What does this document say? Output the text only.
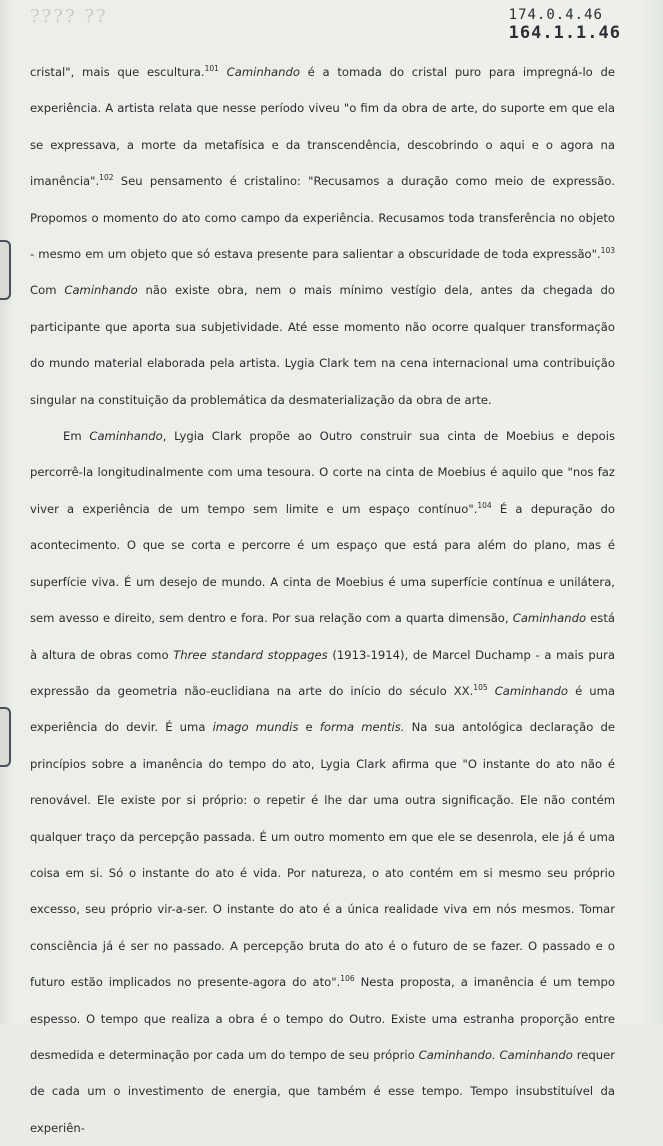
???? ??	174.0.4.46
164.1.1.46

cristal", mais que escultura.$^{101}$ Caminhando é a tomada do cristal puro para impregná-lo de experiência. A artista relata que nesse período viveu "o fim da obra de arte, do suporte em que ela se expressava, a morte da metafísica e da transcendência, descobrindo o aqui e o agora na imanência".$^{102}$ Seu pensamento é cristalino: "Recusamos a duração como meio de expressão. Propomos o momento do ato como campo da experiência. Recusamos toda transferência no objeto - mesmo em um objeto que só estava presente para salientar a obscuridade de toda expressão".$^{103}$ Com Caminhando não existe obra, nem o mais mínimo vestígio dela, antes da chegada do participante que aporta sua subjetividade. Até esse momento não ocorre qualquer transformação do mundo material elaborada pela artista. Lygia Clark tem na cena internacional uma contribuição singular na constituição da problemática da desmaterialização da obra de arte.

Em Caminhando, Lygia Clark propõe ao Outro construir sua cinta de Moebius e depois percorrê-la longitudinalmente com uma tesoura. O corte na cinta de Moebius é aquilo que "nos faz viver a experiência de um tempo sem limite e um espaço contínuo".$^{104}$ É a depuração do acontecimento. O que se corta e percorre é um espaço que está para além do plano, mas é superfície viva. É um desejo de mundo. A cinta de Moebius é uma superfície contínua e unilátera, sem avesso e direito, sem dentro e fora. Por sua relação com a quarta dimensão, Caminhando está à altura de obras como Three standard stoppages (1913-1914), de Marcel Duchamp - a mais pura expressão da geometria não-euclidiana na arte do início do século XX.$^{105}$ Caminhando é uma experiência do devir. É uma imago mundis e forma mentis. Na sua antológica declaração de princípios sobre a imanência do tempo do ato, Lygia Clark afirma que "O instante do ato não é renovável. Ele existe por si próprio: o repetir é lhe dar uma outra significação. Ele não contém qualquer traço da percepção passada. É um outro momento em que ele se desenrola, ele já é uma coisa em si. Só o instante do ato é vida. Por natureza, o ato contém em si mesmo seu próprio excesso, seu próprio vir-a-ser. O instante do ato é a única realidade viva em nós mesmos. Tomar consciência já é ser no passado. A percepção bruta do ato é o futuro de se fazer. O passado e o futuro estão implicados no presente-agora do ato".$^{106}$ Nesta proposta, a imanência é um tempo espesso. O tempo que realiza a obra é o tempo do Outro. Existe uma estranha proporção entre desmedida e determinação por cada um do tempo de seu próprio Caminhando. Caminhando requer de cada um o investimento de energia, que também é esse tempo. Tempo insubstituível da experiên-
